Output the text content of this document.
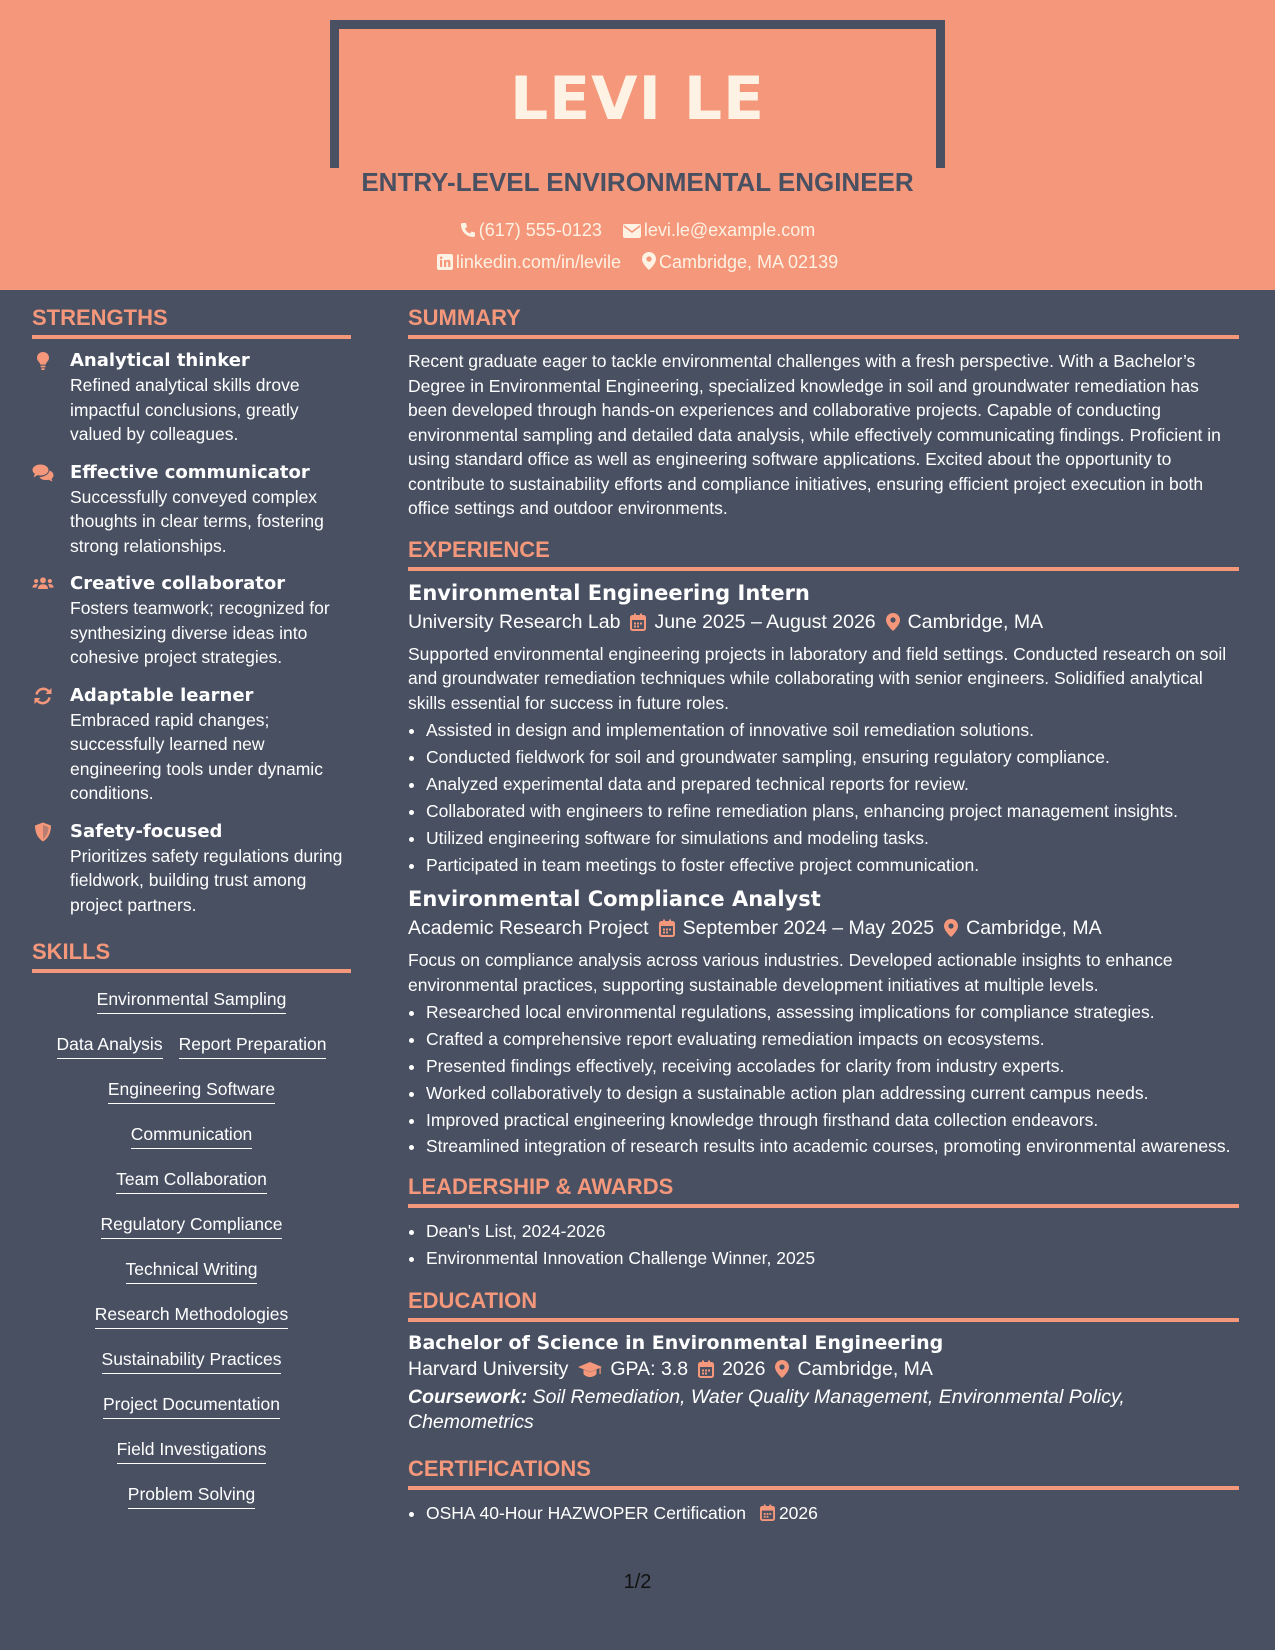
LEVI LE
ENTRY-LEVEL ENVIRONMENTAL ENGINEER
(617) 555-0123 levi.le@example.com
linkedin.com/in/levile Cambridge, MA 02139
STRENGTHS
Analytical thinker
Refined analytical skills drove impactful conclusions, greatly valued by colleagues.
Effective communicator
Successfully conveyed complex thoughts in clear terms, fostering strong relationships.
Creative collaborator
Fosters teamwork; recognized for synthesizing diverse ideas into cohesive project strategies.
Adaptable learner
Embraced rapid changes; successfully learned new engineering tools under dynamic conditions.
Safety-focused
Prioritizes safety regulations during fieldwork, building trust among project partners.
SKILLS
Environmental Sampling
Data Analysis Report Preparation
Engineering Software
Communication
Team Collaboration
Regulatory Compliance
Technical Writing
Research Methodologies
Sustainability Practices
Project Documentation
Field Investigations
Problem Solving
SUMMARY

Recent graduate eager to tackle environmental challenges with a fresh perspective. With a Bachelor’s Degree in Environmental Engineering, specialized knowledge in soil and groundwater remediation has been developed through hands-on experiences and collaborative projects. Capable of conducting environmental sampling and detailed data analysis, while effectively communicating findings. Proficient in using standard office as well as engineering software applications. Excited about the opportunity to contribute to sustainability efforts and compliance initiatives, ensuring efficient project execution in both office settings and outdoor environments.

EXPERIENCE
Environmental Engineering Intern
University Research Lab June 2025 – August 2026 Cambridge, MA

Supported environmental engineering projects in laboratory and field settings. Conducted research on soil and groundwater remediation techniques while collaborating with senior engineers. Solidified analytical skills essential for success in future roles.

• Assisted in design and implementation of innovative soil remediation solutions.
• Conducted fieldwork for soil and groundwater sampling, ensuring regulatory compliance.
• Analyzed experimental data and prepared technical reports for review.
• Collaborated with engineers to refine remediation plans, enhancing project management insights.
• Utilized engineering software for simulations and modeling tasks.
• Participated in team meetings to foster effective project communication.
Environmental Compliance Analyst
Academic Research Project September 2024 – May 2025 Cambridge, MA

Focus on compliance analysis across various industries. Developed actionable insights to enhance environmental practices, supporting sustainable development initiatives at multiple levels.

• Researched local environmental regulations, assessing implications for compliance strategies.
• Crafted a comprehensive report evaluating remediation impacts on ecosystems.
• Presented findings effectively, receiving accolades for clarity from industry experts.
• Worked collaboratively to design a sustainable action plan addressing current campus needs.
• Improved practical engineering knowledge through firsthand data collection endeavors.
• Streamlined integration of research results into academic courses, promoting environmental awareness.
LEADERSHIP & AWARDS
• Dean's List, 2024-2026
• Environmental Innovation Challenge Winner, 2025
EDUCATION
Bachelor of Science in Environmental Engineering
Harvard University GPA: 3.8 2026 Cambridge, MA
Coursework: Soil Remediation, Water Quality Management, Environmental Policy, Chemometrics
CERTIFICATIONS
• OSHA 40-Hour HAZWOPER Certification 2026
1/2
